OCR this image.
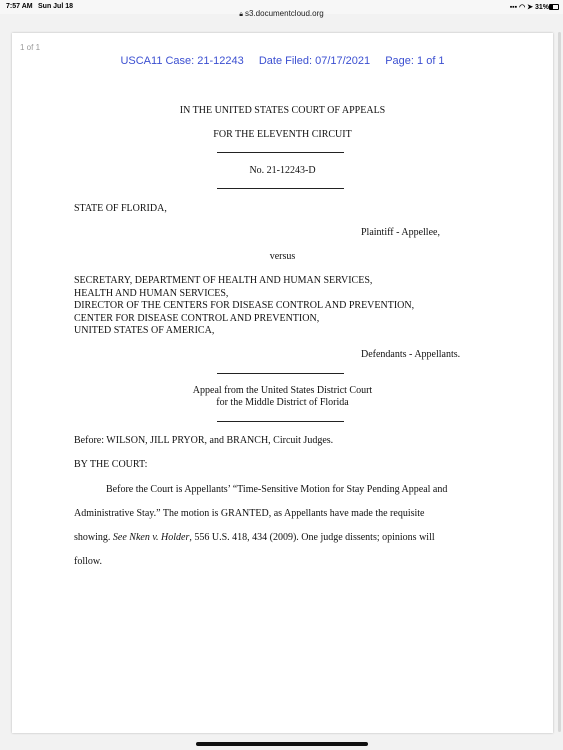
7:57 AM Sun Jul 18	▪▪▪ ◠ ➤ 31%
🔒︎ s3.documentcloud.org
USCA11 Case: 21-12243 Date Filed: 07/17/2021 Page: 1 of 1
IN THE UNITED STATES COURT OF APPEALS
FOR THE ELEVENTH CIRCUIT
No. 21-12243-D
STATE OF FLORIDA,
Plaintiff - Appellee,
versus
SECRETARY, DEPARTMENT OF HEALTH AND HUMAN SERVICES,
HEALTH AND HUMAN SERVICES,
DIRECTOR OF THE CENTERS FOR DISEASE CONTROL AND PREVENTION,
CENTER FOR DISEASE CONTROL AND PREVENTION,
UNITED STATES OF AMERICA,
Defendants - Appellants.
Appeal from the United States District Court
for the Middle District of Florida
Before: WILSON, JILL PRYOR, and BRANCH, Circuit Judges.
BY THE COURT:
Before the Court is Appellants’ “Time-Sensitive Motion for Stay Pending Appeal and
Administrative Stay.” The motion is GRANTED, as Appellants have made the requisite
showing. See Nken v. Holder, 556 U.S. 418, 434 (2009). One judge dissents; opinions will
follow.
1 of 1
